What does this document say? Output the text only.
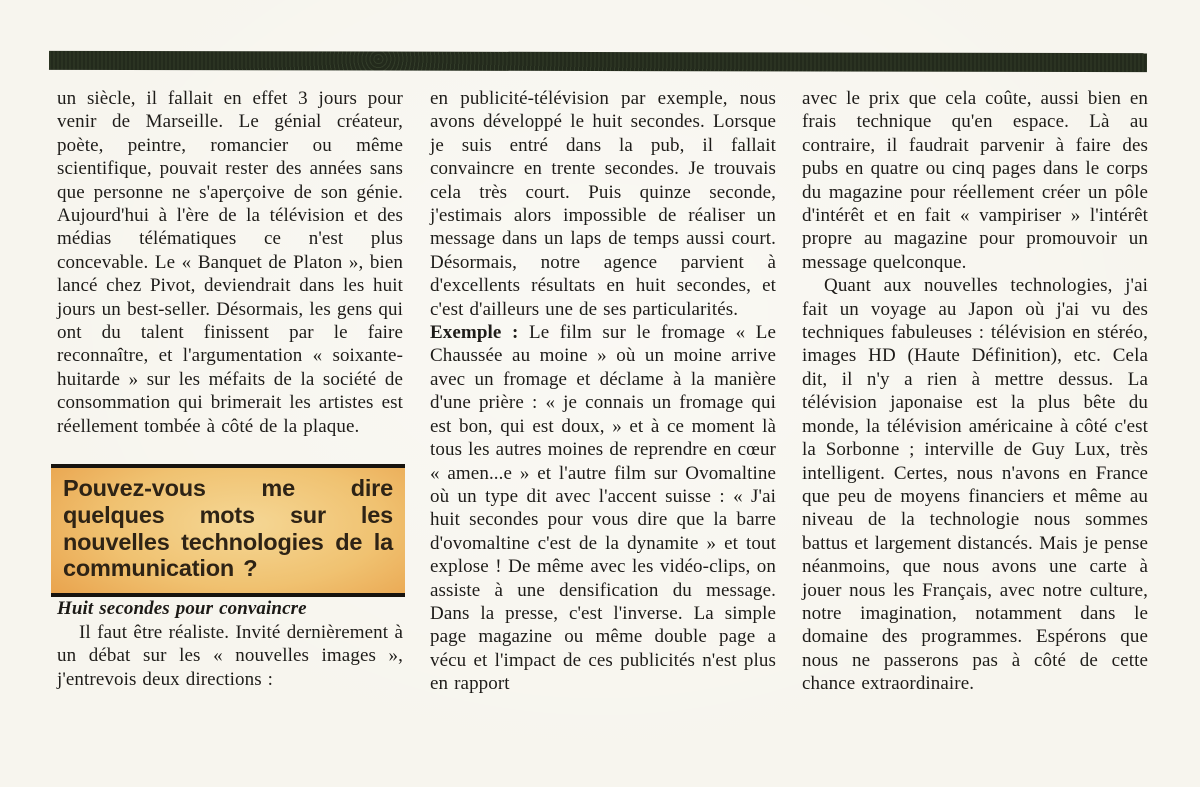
un siècle, il fallait en effet 3 jours pour venir de Marseille. Le génial créateur, poète, peintre, romancier ou même scientifique, pouvait rester des années sans que personne ne s'aperçoive de son génie. Aujourd'hui à l'ère de la télévision et des médias télématiques ce n'est plus concevable. Le « Banquet de Platon », bien lancé chez Pivot, deviendrait dans les huit jours un best-seller. Désormais, les gens qui ont du talent finissent par le faire reconnaître, et l'argumentation « soixante-huitarde » sur les méfaits de la société de consommation qui brimerait les artistes est réellement tombée à côté de la plaque.

Pouvez-vous me dire quelques mots sur les nouvelles technologies de la communication ?

Huit secondes pour convaincre

Il faut être réaliste. Invité dernièrement à un débat sur les « nouvelles images », j'entrevois deux directions :

en publicité-télévision par exemple, nous avons développé le huit secondes. Lorsque je suis entré dans la pub, il fallait convaincre en trente secondes. Je trouvais cela très court. Puis quinze seconde, j'estimais alors impossible de réaliser un message dans un laps de temps aussi court. Désormais, notre agence parvient à d'excellents résultats en huit secondes, et c'est d'ailleurs une de ses particularités.

Exemple : Le film sur le fromage « Le Chaussée au moine » où un moine arrive avec un fromage et déclame à la manière d'une prière : « je connais un fromage qui est bon, qui est doux, » et à ce moment là tous les autres moines de reprendre en cœur « amen...e » et l'autre film sur Ovomaltine où un type dit avec l'accent suisse : « J'ai huit secondes pour vous dire que la barre d'ovomaltine c'est de la dynamite » et tout explose ! De même avec les vidéo-clips, on assiste à une densification du message. Dans la presse, c'est l'inverse. La simple page magazine ou même double page a vécu et l'impact de ces publicités n'est plus en rapport

avec le prix que cela coûte, aussi bien en frais technique qu'en espace. Là au contraire, il faudrait parvenir à faire des pubs en quatre ou cinq pages dans le corps du magazine pour réellement créer un pôle d'intérêt et en fait « vampiriser » l'intérêt propre au magazine pour promouvoir un message quelconque.

Quant aux nouvelles technologies, j'ai fait un voyage au Japon où j'ai vu des techniques fabuleuses : télévision en stéréo, images HD (Haute Définition), etc. Cela dit, il n'y a rien à mettre dessus. La télévision japonaise est la plus bête du monde, la télévision américaine à côté c'est la Sorbonne ; interville de Guy Lux, très intelligent. Certes, nous n'avons en France que peu de moyens financiers et même au niveau de la technologie nous sommes battus et largement distancés. Mais je pense néanmoins, que nous avons une carte à jouer nous les Français, avec notre culture, notre imagination, notamment dans le domaine des programmes. Espérons que nous ne passerons pas à côté de cette chance extraordinaire.
